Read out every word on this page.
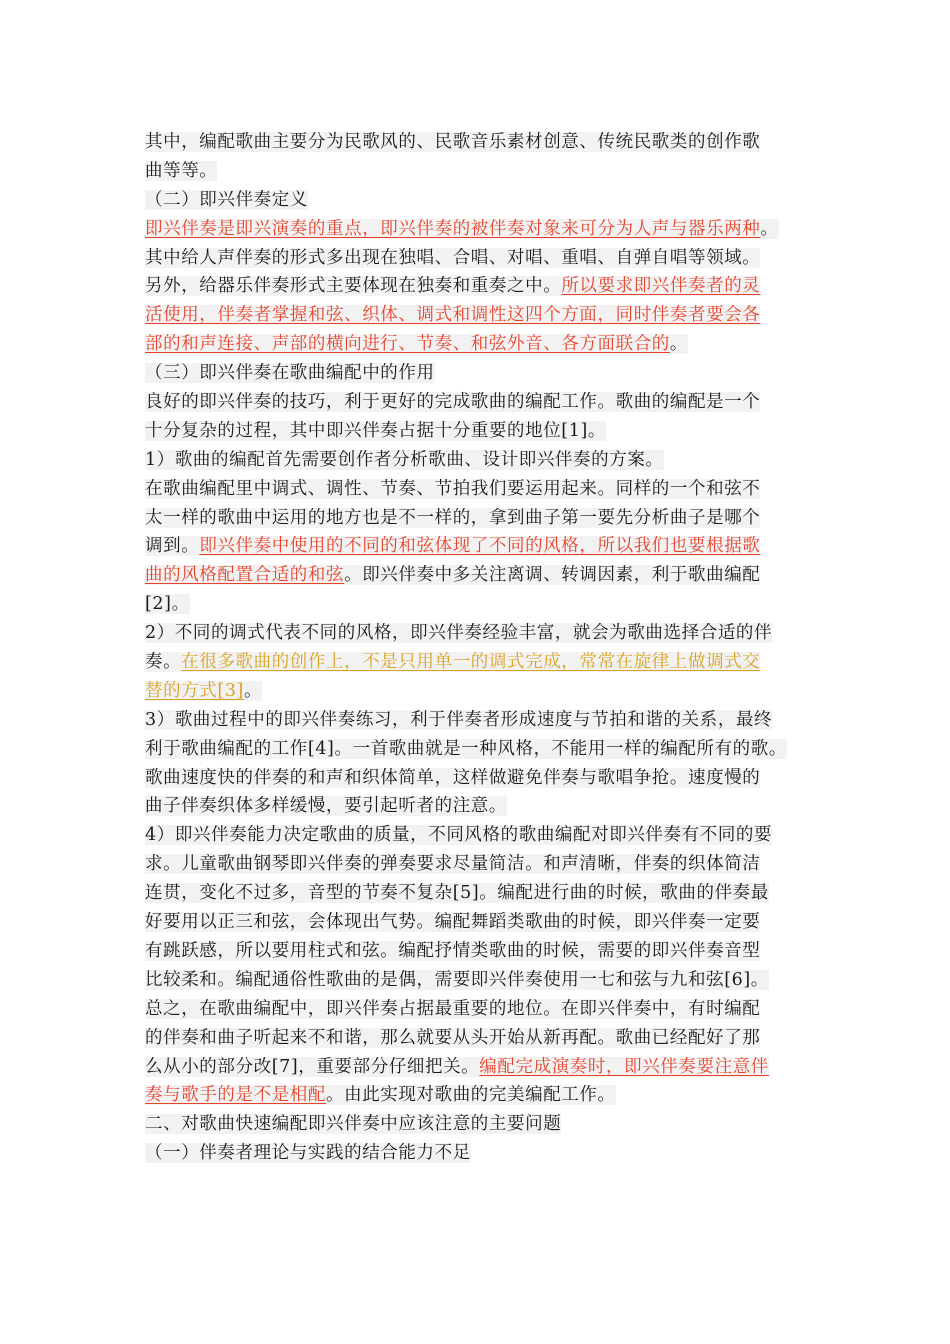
其中，编配歌曲主要分为民歌风的、民歌音乐素材创意、传统民歌类的创作歌
曲等等。
（二）即兴伴奏定义
即兴伴奏是即兴演奏的重点，即兴伴奏的被伴奏对象来可分为人声与器乐两种。
其中给人声伴奏的形式多出现在独唱、合唱、对唱、重唱、自弹自唱等领域。
另外，给器乐伴奏形式主要体现在独奏和重奏之中。所以要求即兴伴奏者的灵
活使用，伴奏者掌握和弦、织体、调式和调性这四个方面，同时伴奏者要会各
部的和声连接、声部的横向进行、节奏、和弦外音、各方面联合的。
（三）即兴伴奏在歌曲编配中的作用
良好的即兴伴奏的技巧，利于更好的完成歌曲的编配工作。歌曲的编配是一个
十分复杂的过程，其中即兴伴奏占据十分重要的地位[1]。
1）歌曲的编配首先需要创作者分析歌曲、设计即兴伴奏的方案。
在歌曲编配里中调式、调性、节奏、节拍我们要运用起来。同样的一个和弦不
太一样的歌曲中运用的地方也是不一样的，拿到曲子第一要先分析曲子是哪个
调到。即兴伴奏中使用的不同的和弦体现了不同的风格，所以我们也要根据歌
曲的风格配置合适的和弦。即兴伴奏中多关注离调、转调因素，利于歌曲编配
[2]。
2）不同的调式代表不同的风格，即兴伴奏经验丰富，就会为歌曲选择合适的伴
奏。在很多歌曲的创作上，不是只用单一的调式完成，常常在旋律上做调式交
替的方式[3]。
3）歌曲过程中的即兴伴奏练习，利于伴奏者形成速度与节拍和谐的关系，最终
利于歌曲编配的工作[4]。一首歌曲就是一种风格，不能用一样的编配所有的歌。
歌曲速度快的伴奏的和声和织体简单，这样做避免伴奏与歌唱争抢。速度慢的
曲子伴奏织体多样缓慢，要引起听者的注意。
4）即兴伴奏能力决定歌曲的质量，不同风格的歌曲编配对即兴伴奏有不同的要
求。儿童歌曲钢琴即兴伴奏的弹奏要求尽量简洁。和声清晰，伴奏的织体简洁
连贯，变化不过多，音型的节奏不复杂[5]。编配进行曲的时候，歌曲的伴奏最
好要用以正三和弦，会体现出气势。编配舞蹈类歌曲的时候，即兴伴奏一定要
有跳跃感，所以要用柱式和弦。编配抒情类歌曲的时候，需要的即兴伴奏音型
比较柔和。编配通俗性歌曲的是偶，需要即兴伴奏使用一七和弦与九和弦[6]。
总之，在歌曲编配中，即兴伴奏占据最重要的地位。在即兴伴奏中，有时编配
的伴奏和曲子听起来不和谐，那么就要从头开始从新再配。歌曲已经配好了那
么从小的部分改[7]，重要部分仔细把关。编配完成演奏时，即兴伴奏要注意伴
奏与歌手的是不是相配。由此实现对歌曲的完美编配工作。
二、对歌曲快速编配即兴伴奏中应该注意的主要问题
（一）伴奏者理论与实践的结合能力不足
